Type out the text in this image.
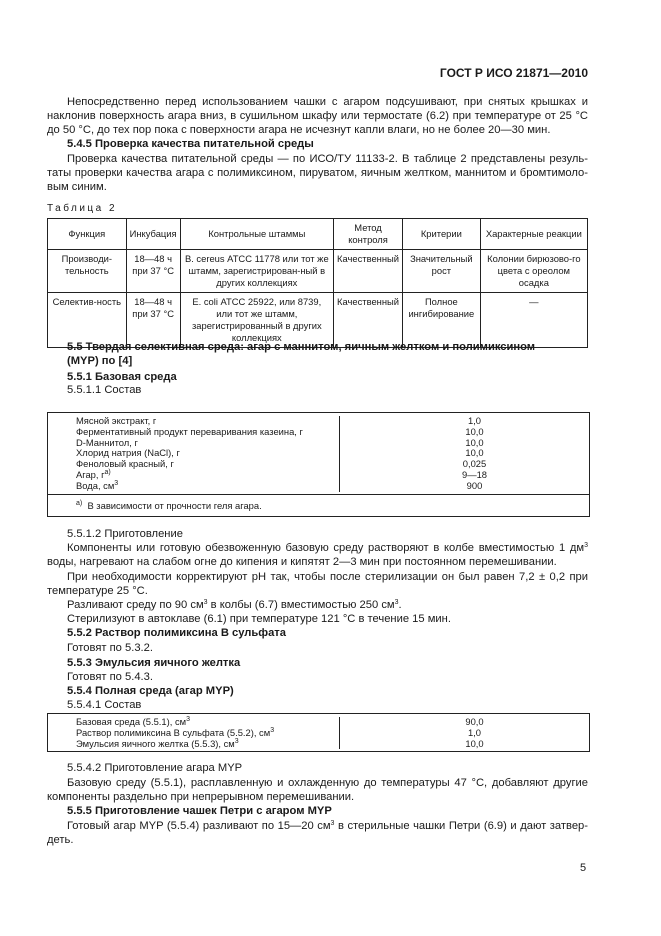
ГОСТ Р ИСО 21871—2010
Непосредственно перед использованием чашки с агаром подсушивают, при снятых крышках и
наклонив поверхность агара вниз, в сушильном шкафу или термостате (6.2) при температуре от 25 °С
до 50 °С, до тех пор пока с поверхности агара не исчезнут капли влаги, но не более 20—30 мин.
5.4.5 Проверка качества питательной среды
Проверка качества питательной среды — по ИСО/ТУ 11133-2. В таблице 2 представлены резуль-
таты проверки качества агара с полимиксином, пируватом, яичным желтком, маннитом и бромтимоло-
вым синим.
Таблица 2
Функция	Инкубация	Контрольные штаммы	Метод контроля	Критерии	Характерные реакции
Производи-тельность	18—48 ч при 37 °С	B. cereus АТСС 11778 или тот же штамм, зарегистрирован-ный в других коллекциях	Качественный	Значительный рост	Колонии бирюзово-го цвета с ореолом осадка
Селектив-ность	18—48 ч при 37 °С	E. coli АТСС 25922, или 8739, или тот же штамм, зарегистрированный в других коллекциях	Качественный	Полное ингибирование	—
5.5 Твердая селективная среда: агар с маннитом, яичным желтком и полимиксином
(MYP) по [4]
5.5.1 Базовая среда
5.5.1.1 Состав
Мясной экстракт, г	1,0
Ферментативный продукт переваривания казеина, г	10,0
D-Маннитол, г	10,0
Хлорид натрия (NaCl), г	10,0
Феноловый красный, г	0,025
Агар, $г^{a)}$	9—18
Вода, $см^3$	900
$^{a)}$ В зависимости от прочности геля агара.
5.5.1.2 Приготовление
Компоненты или готовую обезвоженную базовую среду растворяют в колбе вместимостью 1 $дм^3$
воды, нагревают на слабом огне до кипения и кипятят 2—3 мин при постоянном перемешивании.
При необходимости корректируют pH так, чтобы после стерилизации он был равен 7,2 ± 0,2 при
температуре 25 °С.
Разливают среду по 90 $см^3$ в колбы (6.7) вместимостью 250 $см^3$.
Стерилизуют в автоклаве (6.1) при температуре 121 °С в течение 15 мин.
5.5.2 Раствор полимиксина В сульфата
Готовят по 5.3.2.
5.5.3 Эмульсия яичного желтка
Готовят по 5.4.3.
5.5.4 Полная среда (агар MYP)
5.5.4.1 Состав
Базовая среда (5.5.1), $см^3$	90,0
Раствор полимиксина В сульфата (5.5.2), $см^3$	1,0
Эмульсия яичного желтка (5.5.3), $см^3$	10,0
5.5.4.2 Приготовление агара MYP
Базовую среду (5.5.1), расплавленную и охлажденную до температуры 47 °С, добавляют другие
компоненты раздельно при непрерывном перемешивании.
5.5.5 Приготовление чашек Петри с агаром MYP
Готовый агар MYP (5.5.4) разливают по 15—20 $см^3$ в стерильные чашки Петри (6.9) и дают затвер-
деть.
5
